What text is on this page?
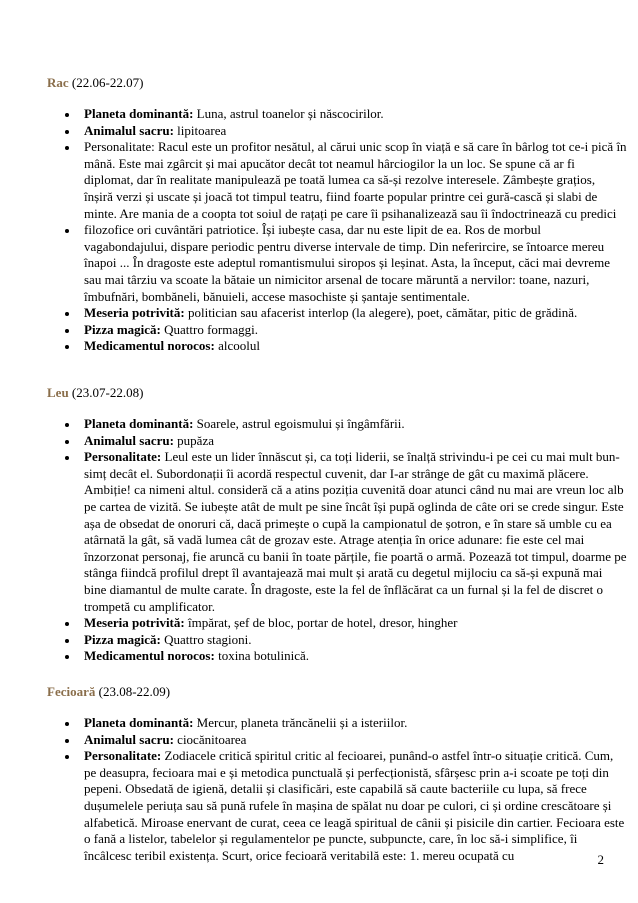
Rac (22.06-22.07)
Planeta dominantă: Luna, astrul toanelor și născocirilor.
Animalul sacru: lipitoarea
Personalitate: Racul este un profitor nesătul, al cărui unic scop în viață e să care în bârlog tot ce-i pică în mână. Este mai zgârcit și mai apucător decât tot neamul hârciogilor la un loc. Se spune că ar fi diplomat, dar în realitate manipulează pe toată lumea ca să-și rezolve interesele. Zâmbește grațios, înșiră verzi și uscate și joacă tot timpul teatru, fiind foarte popular printre cei gură-cască și slabi de minte. Are mania de a coopta tot soiul de rațați pe care îi psihanalizează sau îi îndoctrinează cu predici
filozofice ori cuvântări patriotice. Își iubește casa, dar nu este lipit de ea. Ros de morbul vagabondajului, dispare periodic pentru diverse intervale de timp. Din neferircire, se întoarce mereu înapoi ... În dragoste este adeptul romantismului siropos și leșinat. Asta, la început, căci mai devreme sau mai târziu va scoate la bătaie un nimicitor arsenal de tocare măruntă a nervilor: toane, nazuri, îmbufnări, bombăneli, bănuieli, accese masochiste și șantaje sentimentale.
Meseria potrivită: politician sau afacerist interlop (la alegere), poet, cămătar, pitic de grădină.
Pizza magică: Quattro formaggi.
Medicamentul norocos: alcoolul
Leu (23.07-22.08)
Planeta dominantă: Soarele, astrul egoismului și îngâmfării.
Animalul sacru: pupăza
Personalitate: Leul este un lider înnăscut și, ca toți liderii, se înalță strivindu-i pe cei cu mai mult bun-simț decât el. Subordonații îi acordă respectul cuvenit, dar I-ar strânge de gât cu maximă plăcere. Ambiție! ca nimeni altul. consideră că a atins poziția cuvenită doar atunci când nu mai are vreun loc alb pe cartea de vizită. Se iubește atât de mult pe sine încât își pupă oglinda de câte ori se crede singur. Este așa de obsedat de onoruri că, dacă primește o cupă la campionatul de șotron, e în stare să umble cu ea atârnată la gât, să vadă lumea cât de grozav este. Atrage atenția în orice adunare: fie este cel mai înzorzonat personaj, fie aruncă cu banii în toate părțile, fie poartă o armă. Pozează tot timpul, doarme pe stânga fiindcă profilul drept îl avantajează mai mult și arată cu degetul mijlociu ca să-și expună mai bine diamantul de multe carate. În dragoste, este la fel de înflăcărat ca un furnal și la fel de discret o trompetă cu amplificator.
Meseria potrivită: împărat, șef de bloc, portar de hotel, dresor, hingher
Pizza magică: Quattro stagioni.
Medicamentul norocos: toxina botulinică.
Fecioară (23.08-22.09)
Planeta dominantă: Mercur, planeta trăncănelii și a isteriilor.
Animalul sacru: ciocănitoarea
Personalitate: Zodiacele critică spiritul critic al fecioarei, punând-o astfel într-o situație critică. Cum, pe deasupra, fecioara mai e și metodica punctuală și perfecționistă, sfârșesc prin a-i scoate pe toți din pepeni. Obsedată de igienă, detalii și clasificări, este capabilă să caute bacteriile cu lupa, să frece dușumelele periuța sau să pună rufele în mașina de spălat nu doar pe culori, ci și ordine crescătoare și alfabetică. Miroase enervant de curat, ceea ce leagă spiritual de cânii și pisicile din cartier. Fecioara este o fană a listelor, tabelelor și regulamentelor pe puncte, subpuncte, care, în loc să-i simplifice, îi încâlcesc teribil existența. Scurt, orice fecioară veritabilă este: 1. mereu ocupată cu	2
